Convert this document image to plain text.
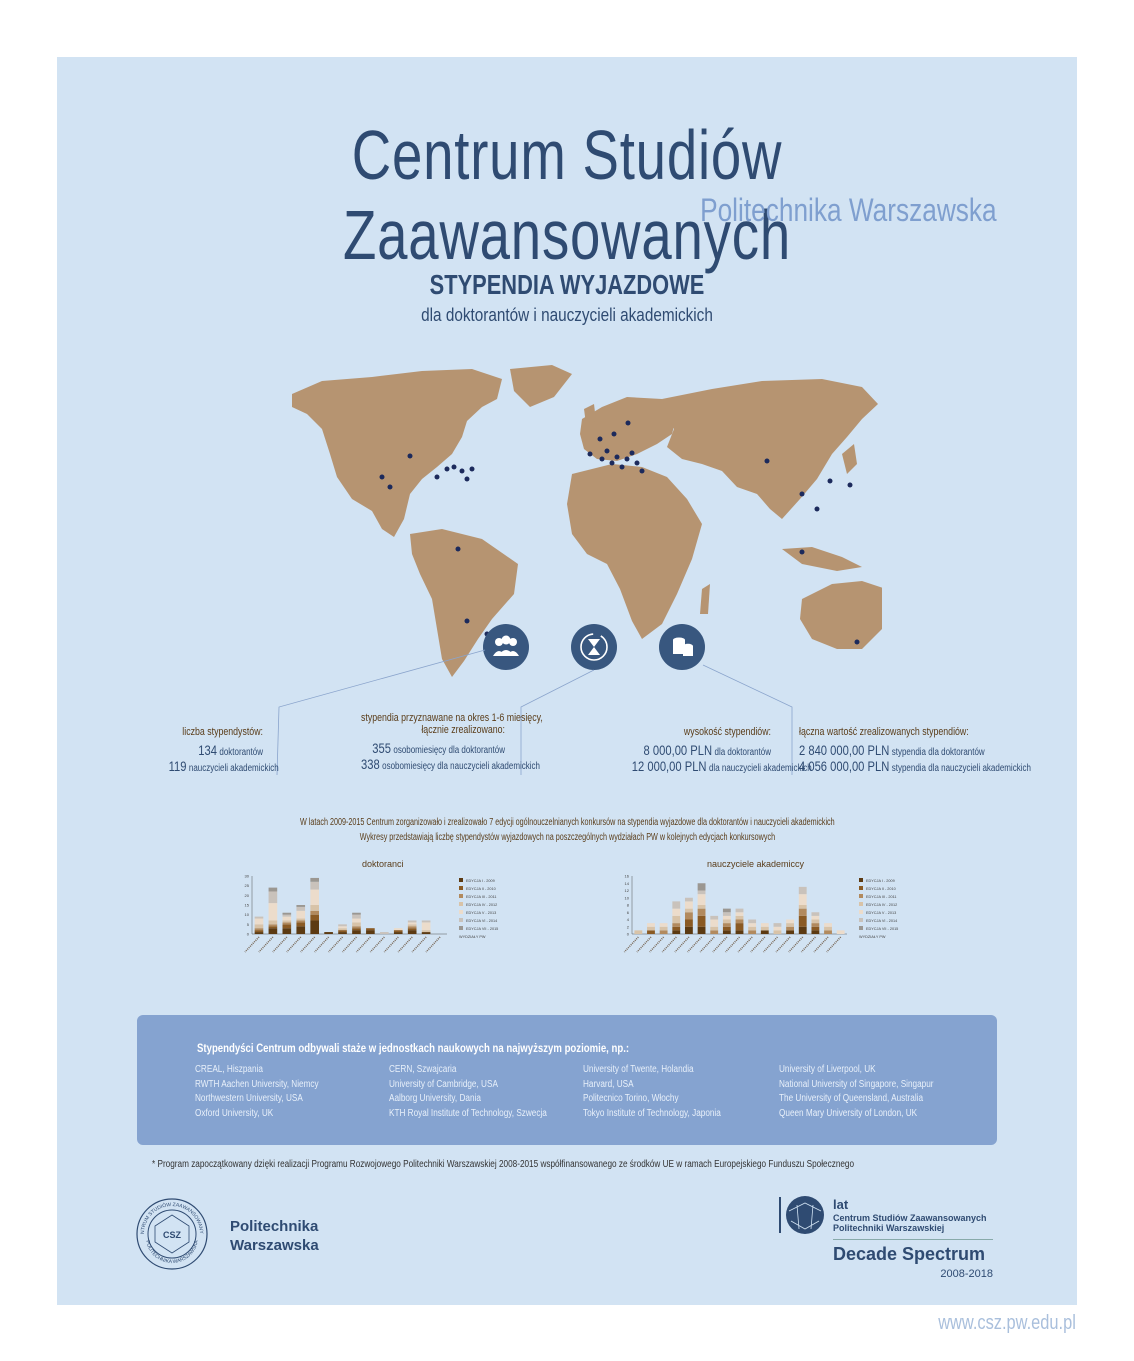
Centrum Studiów Zaawansowanych
Politechnika Warszawska
STYPENDIA WYJAZDOWE
dla doktorantów i nauczycieli akademickich
liczba stypendystów:
134 doktorantów
119 nauczycieli akademickich
stypendia przyznawane na okres 1-6 miesięcy,
łącznie zrealizowano:
355 osobomiesięcy dla doktorantów
338 osobomiesięcy dla nauczycieli akademickich
wysokość stypendiów:
8 000,00 PLN dla doktorantów
12 000,00 PLN dla nauczycieli akademickich
łączna wartość zrealizowanych stypendiów:
2 840 000,00 PLN stypendia dla doktorantów
4 056 000,00 PLN stypendia dla nauczycieli akademickich
W latach 2009-2015 Centrum zorganizowało i zrealizowało 7 edycji ogólnouczelnianych konkursów na stypendia wyjazdowe dla doktorantów i nauczycieli akademickich
Wykresy przedstawiają liczbę stypendystów wyjazdowych na poszczególnych wydziałach PW w kolejnych edycjach konkursowych
doktoranci
0
5
10
15
20
25
30
EDYCJA I - 2009
EDYCJA II - 2010
EDYCJA III - 2011
EDYCJA IV - 2012
EDYCJA V - 2013
EDYCJA VI - 2014
EDYCJA VII - 2015
WYDZIAŁY PW
nauczyciele akademiccy
0
2
4
6
8
10
12
14
16
EDYCJA I - 2009
EDYCJA II - 2010
EDYCJA III - 2011
EDYCJA IV - 2012
EDYCJA V - 2013
EDYCJA VI - 2014
EDYCJA VII - 2015
WYDZIAŁY PW
Stypendyści Centrum odbywali staże w jednostkach naukowych na najwyższym poziomie, np.:
CREAL, Hiszpania
RWTH Aachen University, Niemcy
Northwestern University, USA
Oxford University, UK
CERN, Szwajcaria
University of Cambridge, USA
Aalborg University, Dania
KTH Royal Institute of Technology, Szwecja
University of Twente, Holandia
Harvard, USA
Politecnico Torino, Włochy
Tokyo Institute of Technology, Japonia
University of Liverpool, UK
National University of Singapore, Singapur
The University of Queensland, Australia
Queen Mary University of London, UK
* Program zapoczątkowany dzięki realizacji Programu Rozwojowego Politechniki Warszawskiej 2008-2015 współfinansowanego ze środków UE w ramach Europejskiego Funduszu Społecznego
NTRUM STUDIÓW ZAAWANSOWANY
POLITECHNIKA WARSZAWSKA
CSZ	Politechnika
Warszawska
lat
Centrum Studiów Zaawansowanych
Politechniki Warszawskiej
Decade Spectrum
2008-2018
www.csz.pw.edu.pl
